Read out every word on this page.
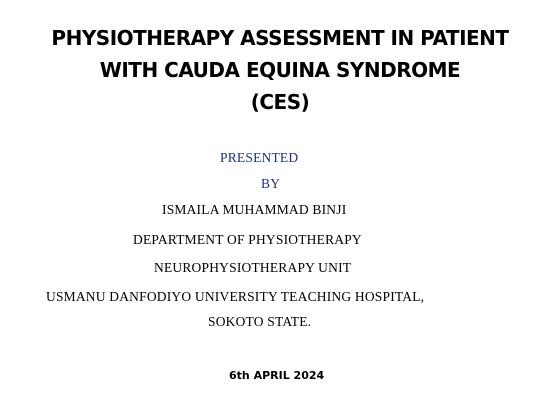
PHYSIOTHERAPY ASSESSMENT IN PATIENT
WITH CAUDA EQUINA SYNDROME
(CES)
PRESENTED
BY
ISMAILA MUHAMMAD BINJI
DEPARTMENT OF PHYSIOTHERAPY
NEUROPHYSIOTHERAPY UNIT
USMANU DANFODIYO UNIVERSITY TEACHING HOSPITAL,
SOKOTO STATE.
6th APRIL 2024
